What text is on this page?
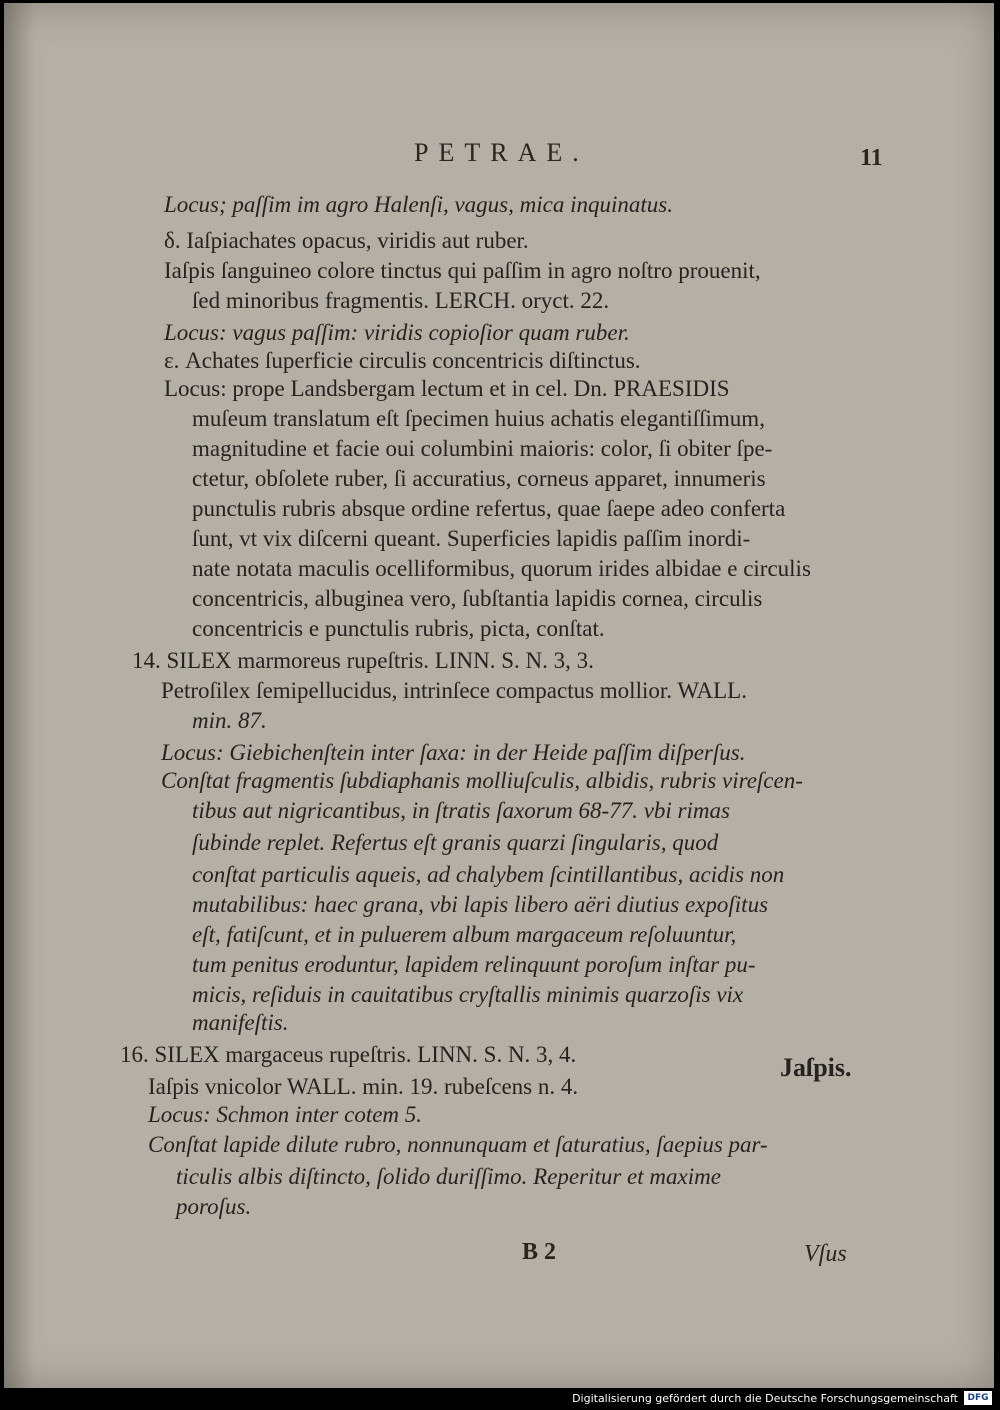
PETRAE.	11
Locus; paſſim im agro Halenſi, vagus, mica inquinatus.
δ. Iaſpiachates opacus, viridis aut ruber.
Iaſpis ſanguineo colore tinctus qui paſſim in agro noſtro prouenit,
ſed minoribus fragmentis. LERCH. oryct. 22.
Locus: vagus paſſim: viridis copioſior quam ruber.
ε. Achates ſuperficie circulis concentricis diſtinctus.
Locus: prope Landsbergam lectum et in cel. Dn. PRAESIDIS
muſeum translatum eſt ſpecimen huius achatis elegantiſſimum,
magnitudine et facie oui columbini maioris: color, ſi obiter ſpe-
ctetur, obſolete ruber, ſi accuratius, corneus apparet, innumeris
punctulis rubris absque ordine refertus, quae ſaepe adeo conferta
ſunt, vt vix diſcerni queant. Superficies lapidis paſſim inordi-
nate notata maculis ocelliformibus, quorum irides albidae e circulis
concentricis, albuginea vero, ſubſtantia lapidis cornea, circulis
concentricis e punctulis rubris, picta, conſtat.
14. SILEX marmoreus rupeſtris. LINN. S. N. 3, 3.
Petroſilex ſemipellucidus, intrinſece compactus mollior. WALL.
min. 87.
Locus: Giebichenſtein inter ſaxa: in der Heide paſſim diſperſus.
Conſtat fragmentis ſubdiaphanis molliuſculis, albidis, rubris vireſcen-
tibus aut nigricantibus, in ſtratis ſaxorum 68-77. vbi rimas
ſubinde replet. Refertus eſt granis quarzi ſingularis, quod
conſtat particulis aqueis, ad chalybem ſcintillantibus, acidis non
mutabilibus: haec grana, vbi lapis libero aëri diutius expoſitus
eſt, fatiſcunt, et in puluerem album margaceum reſoluuntur,
tum penitus eroduntur, lapidem relinquunt poroſum inſtar pu-
micis, reſiduis in cauitatibus cryſtallis minimis quarzoſis vix
manifeſtis.
16. SILEX margaceus rupeſtris. LINN. S. N. 3, 4.
Iaſpis vnicolor WALL. min. 19. rubeſcens n. 4.
Locus: Schmon inter cotem 5.
Conſtat lapide dilute rubro, nonnunquam et ſaturatius, ſaepius par-
ticulis albis diſtincto, ſolido duriſſimo. Reperitur et maxime
poroſus.
Jaſpis.
B 2	Vſus
Digitalisierung gefördert durch die Deutsche Forschungsgemeinschaft	DFG
